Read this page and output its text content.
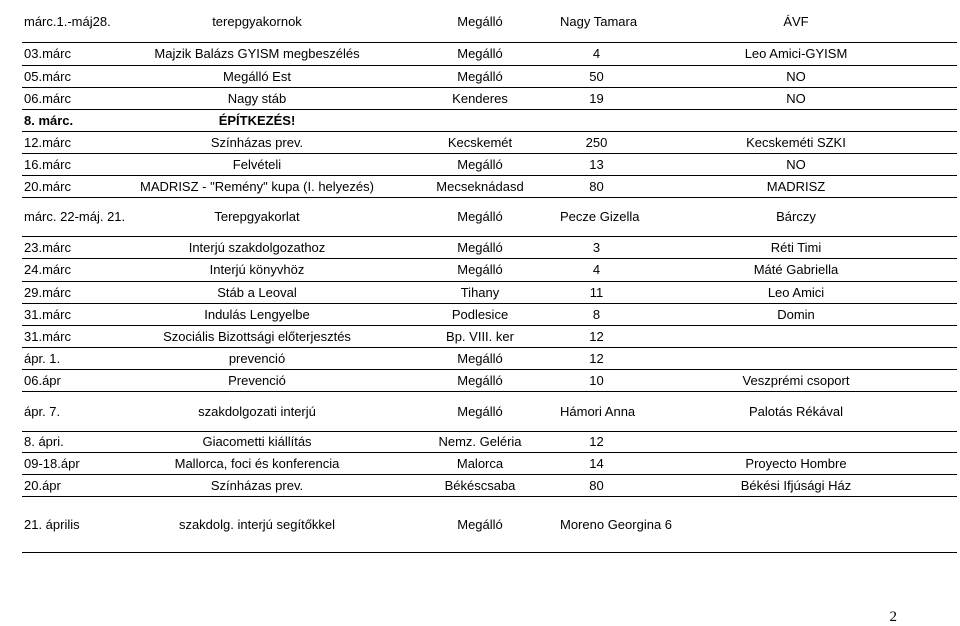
márc.1.-máj28.	terepgyakornok	Megálló	Nagy Tamara	ÁVF
03.márc	Majzik Balázs GYISM megbeszélés	Megálló	4	Leo Amici-GYISM
05.márc	Megálló Est	Megálló	50	NO
06.márc	Nagy stáb	Kenderes	19	NO
8. márc.	ÉPÍTKEZÉS!			
12.márc	Színházas prev.	Kecskemét	250	Kecskeméti SZKI
16.márc	Felvételi	Megálló	13	NO
20.márc	MADRISZ - "Remény" kupa (I. helyezés)	Mecseknádasd	80	MADRISZ
márc. 22-máj. 21.	Terepgyakorlat	Megálló	Pecze Gizella	Bárczy
23.márc	Interjú szakdolgozathoz	Megálló	3	Réti Timi
24.márc	Interjú könyvhöz	Megálló	4	Máté Gabriella
29.márc	Stáb a Leoval	Tihany	11	Leo Amici
31.márc	Indulás Lengyelbe	Podlesice	8	Domin
31.márc	Szociális Bizottsági előterjesztés	Bp. VIII. ker	12	
ápr. 1.	prevenció	Megálló	12	
06.ápr	Prevenció	Megálló	10	Veszprémi csoport
ápr. 7.	szakdolgozati interjú	Megálló	Hámori Anna	Palotás Rékával
8. ápri.	Giacometti kiállítás	Nemz. Geléria	12	
09-18.ápr	Mallorca, foci és konferencia	Malorca	14	Proyecto Hombre
20.ápr	Színházas prev.	Békéscsaba	80	Békési Ifjúsági Ház
21. április	szakdolg. interjú segítőkkel	Megálló	Moreno Georgina 6	
2
